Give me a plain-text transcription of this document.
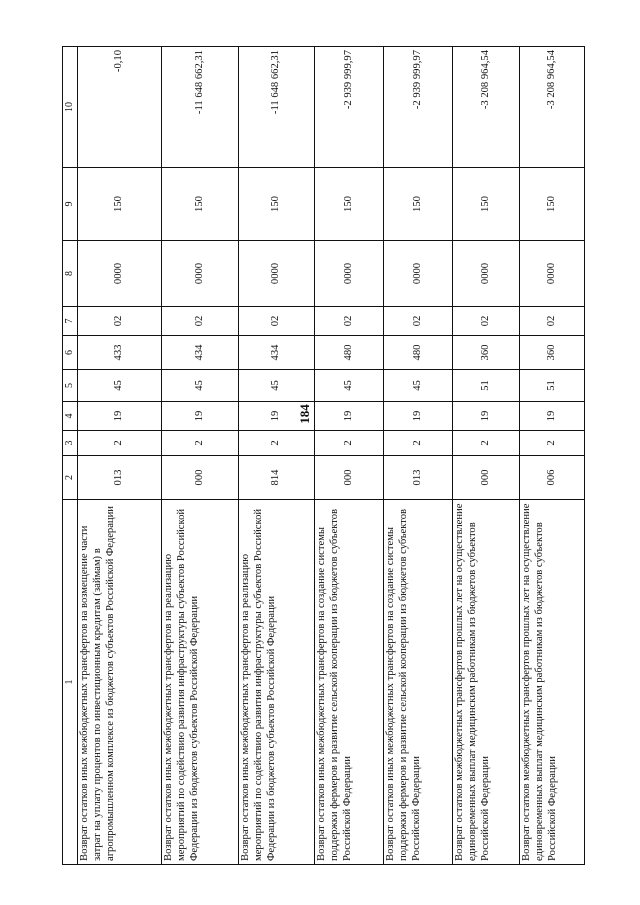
184
1	2	3	4	5	6	7	8	9	10
Возврат остатков иных межбюджетных трансфертов на возмещение части затрат на уплату процентов по инвестиционным кредитам (займам) в агропромышленном комплексе из бюджетов субъектов Российской Федерации	013	2	19	45	433	02	0000	150	-0,10
Возврат остатков иных межбюджетных трансфертов на реализацию мероприятий по содействию развития инфраструктуры субъектов Российской Федерации из бюджетов субъектов Российской Федерации	000	2	19	45	434	02	0000	150	-11 648 662,31
Возврат остатков иных межбюджетных трансфертов на реализацию мероприятий по содействию развития инфраструктуры субъектов Российской Федерации из бюджетов субъектов Российской Федерации	814	2	19	45	434	02	0000	150	-11 648 662,31
Возврат остатков иных межбюджетных трансфертов на создание системы поддержки фермеров и развитие сельской кооперации из бюджетов субъектов Российской Федерации	000	2	19	45	480	02	0000	150	-2 939 999,97
Возврат остатков иных межбюджетных трансфертов на создание системы поддержки фермеров и развитие сельской кооперации из бюджетов субъектов Российской Федерации	013	2	19	45	480	02	0000	150	-2 939 999,97
Возврат остатков межбюджетных трансфертов прошлых лет на осуществление единовременных выплат медицинским работникам из бюджетов субъектов Российской Федерации	000	2	19	51	360	02	0000	150	-3 208 964,54
Возврат остатков межбюджетных трансфертов прошлых лет на осуществление единовременных выплат медицинским работникам из бюджетов субъектов Российской Федерации	006	2	19	51	360	02	0000	150	-3 208 964,54
